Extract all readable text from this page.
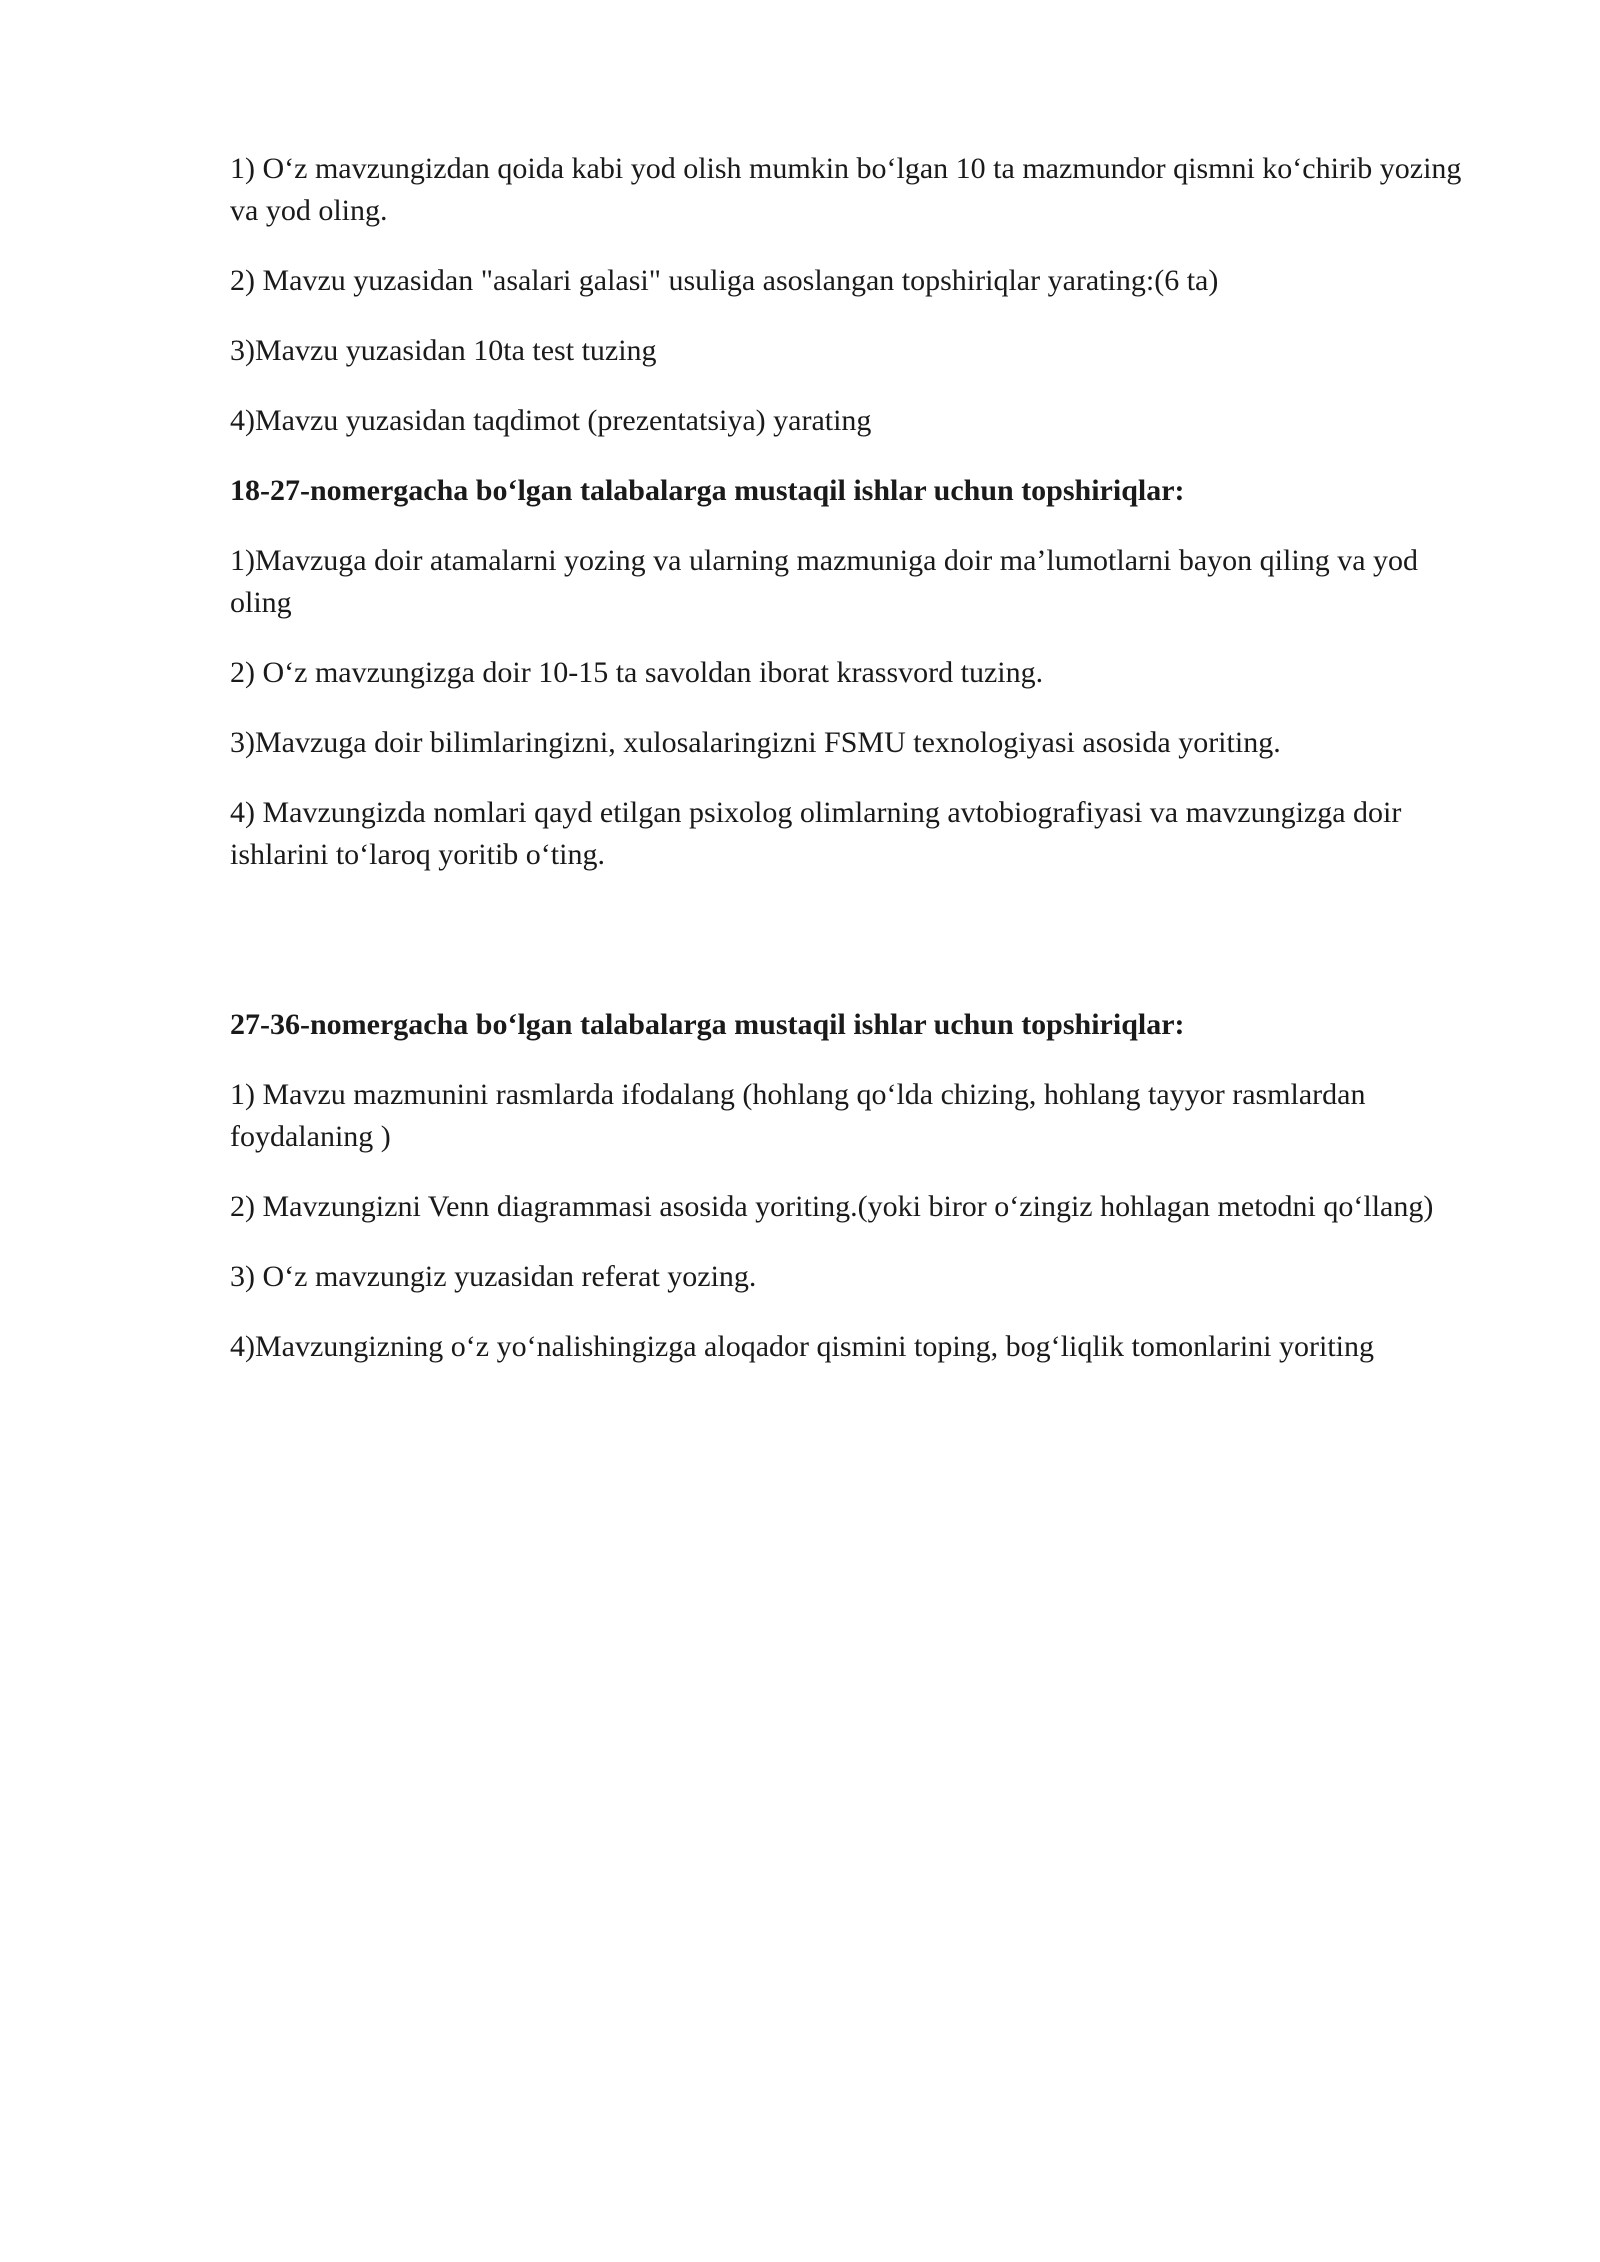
1) O‘z mavzungizdan qoida kabi yod olish mumkin bo‘lgan 10 ta mazmundor qismni ko‘chirib yozing va yod oling.

2) Mavzu yuzasidan "asalari galasi" usuliga asoslangan topshiriqlar yarating:(6 ta)

3)Mavzu yuzasidan 10ta test tuzing

4)Mavzu yuzasidan taqdimot (prezentatsiya) yarating

18-27-nomergacha bo‘lgan talabalarga mustaqil ishlar uchun topshiriqlar:

1)Mavzuga doir atamalarni yozing va ularning mazmuniga doir ma’lumotlarni bayon qiling va yod oling

2) O‘z mavzungizga doir 10-15 ta savoldan iborat krassvord tuzing.

3)Mavzuga doir bilimlaringizni, xulosalaringizni FSMU texnologiyasi asosida yoriting.

4) Mavzungizda nomlari qayd etilgan psixolog olimlarning avtobiografiyasi va mavzungizga doir ishlarini to‘laroq yoritib o‘ting.

27-36-nomergacha bo‘lgan talabalarga mustaqil ishlar uchun topshiriqlar:

1) Mavzu mazmunini rasmlarda ifodalang (hohlang qo‘lda chizing, hohlang tayyor rasmlardan foydalaning )

2) Mavzungizni Venn diagrammasi asosida yoriting.(yoki biror o‘zingiz hohlagan metodni qo‘llang)

3) O‘z mavzungiz yuzasidan referat yozing.

4)Mavzungizning o‘z yo‘nalishingizga aloqador qismini toping, bog‘liqlik tomonlarini yoriting
